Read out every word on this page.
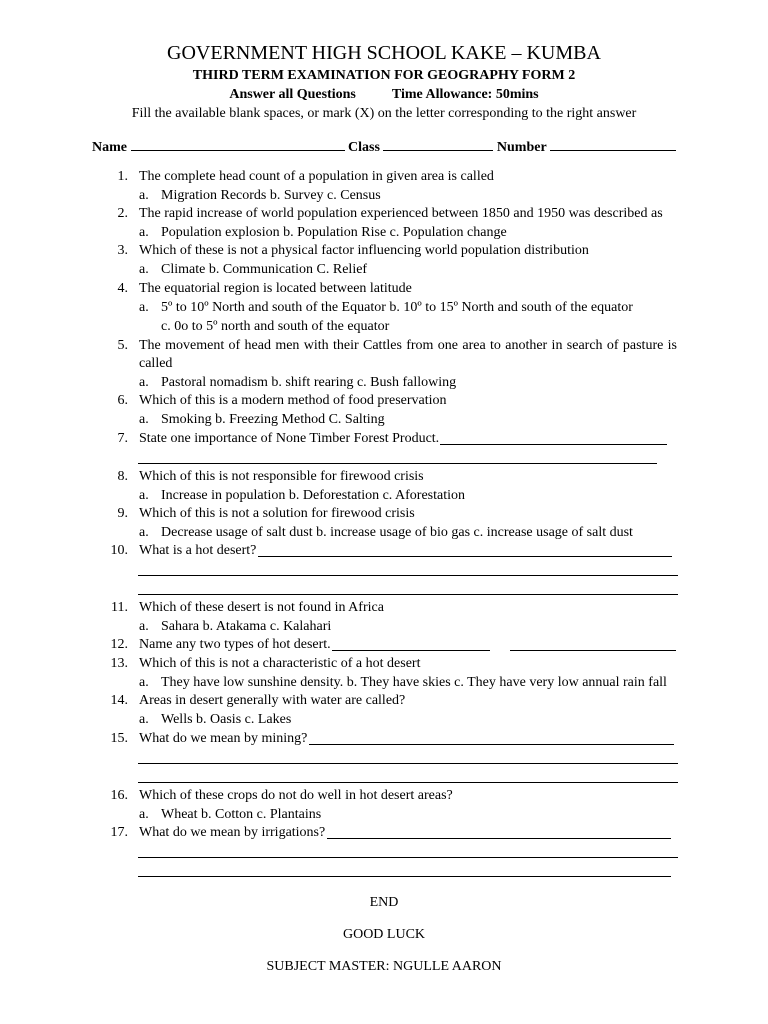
GOVERNMENT HIGH SCHOOL KAKE – KUMBA
THIRD TERM EXAMINATION FOR GEOGRAPHY FORM 2
Answer all Questions	Time Allowance: 50mins
Fill the available blank spaces, or mark (X) on the letter corresponding to the right answer
Name	Class	Number
1. The complete head count of a population in given area is called
a. Migration Records b. Survey c. Census
2. The rapid increase of world population experienced between 1850 and 1950 was described as
a. Population explosion b. Population Rise c. Population change
3. Which of these is not a physical factor influencing world population distribution
a. Climate b. Communication C. Relief
4. The equatorial region is located between latitude
a. 5º to 10º North and south of the Equator b. 10º to 15º North and south of the equator
c. 0o to 5º north and south of the equator
5. The movement of head men with their Cattles from one area to another in search of pasture is called
a. Pastoral nomadism b. shift rearing c. Bush fallowing
6. Which of this is a modern method of food preservation
a. Smoking b. Freezing Method C. Salting
7. State one importance of None Timber Forest Product.
8. Which of this is not responsible for firewood crisis
a. Increase in population b. Deforestation c. Aforestation
9. Which of this is not a solution for firewood crisis
a. Decrease usage of salt dust b. increase usage of bio gas c. increase usage of salt dust
10. What is a hot desert?
11. Which of these desert is not found in Africa
a. Sahara b. Atakama c. Kalahari
12. Name any two types of hot desert.
13. Which of this is not a characteristic of a hot desert
a. They have low sunshine density. b. They have skies c. They have very low annual rain fall
14. Areas in desert generally with water are called?
a. Wells b. Oasis c. Lakes
15. What do we mean by mining?
16. Which of these crops do not do well in hot desert areas?
a. Wheat b. Cotton c. Plantains
17. What do we mean by irrigations?
END
GOOD LUCK
SUBJECT MASTER: NGULLE AARON
